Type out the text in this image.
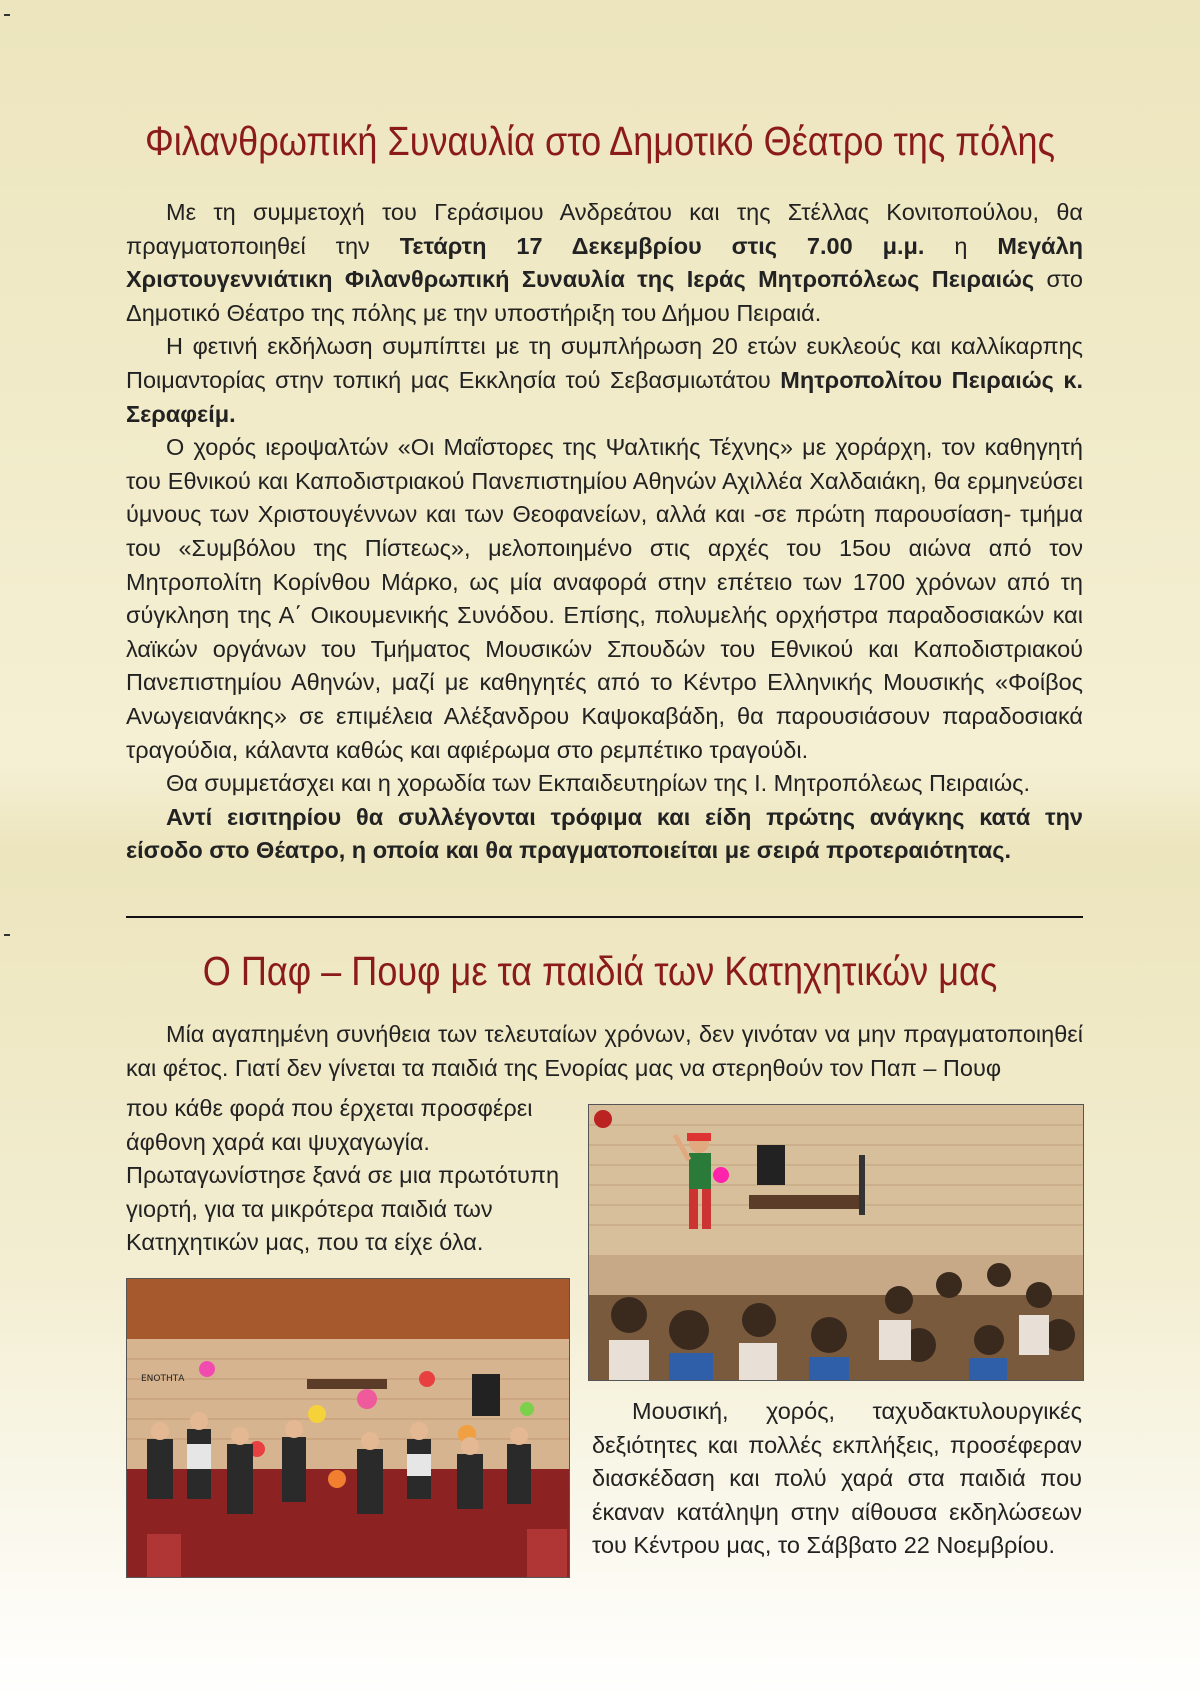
Φιλανθρωπική Συναυλία στο Δημοτικό Θέατρο της πόλης

Με τη συμμετοχή του Γεράσιμου Ανδρεάτου και της Στέλλας Κονιτοπούλου, θα πραγματοποιηθεί την Τετάρτη 17 Δεκεμβρίου στις 7.00 μ.μ. η Μεγάλη Χριστουγεννιάτικη Φιλανθρωπική Συναυλία της Ιεράς Μητροπόλεως Πειραιώς στο Δημοτικό Θέατρο της πόλης με την υποστήριξη του Δήμου Πειραιά.

Η φετινή εκδήλωση συμπίπτει με τη συμπλήρωση 20 ετών ευκλεούς και καλλίκαρπης Ποιμαντορίας στην τοπική μας Εκκλησία τού Σεβασμιωτάτου Μητροπολίτου Πειραιώς κ. Σεραφείμ.

Ο χορός ιεροψαλτών «Οι Μαΐστορες της Ψαλτικής Τέχνης» με χοράρχη, τον καθηγητή του Εθνικού και Καποδιστριακού Πανεπιστημίου Αθηνών Αχιλλέα Χαλδαιάκη, θα ερμηνεύσει ύμνους των Χριστουγέννων και των Θεοφανείων, αλλά και -σε πρώτη παρουσίαση- τμήμα του «Συμβόλου της Πίστεως», μελοποιημένο στις αρχές του 15ου αιώνα από τον Μητροπολίτη Κορίνθου Μάρκο, ως μία αναφορά στην επέτειο των 1700 χρόνων από τη σύγκληση της Α΄ Οικουμενικής Συνόδου. Επίσης, πολυμελής ορχήστρα παραδοσιακών και λαϊκών οργάνων του Τμήματος Μουσικών Σπουδών του Εθνικού και Καποδιστριακού Πανεπιστημίου Αθηνών, μαζί με καθηγητές από το Κέντρο Ελληνικής Μουσικής «Φοίβος Ανωγειανάκης» σε επιμέλεια Αλέξανδρου Καψοκαβάδη, θα παρουσιάσουν παραδοσιακά τραγούδια, κάλαντα καθώς και αφιέρωμα στο ρεμπέτικο τραγούδι.

Θα συμμετάσχει και η χορωδία των Εκπαιδευτηρίων της Ι. Μητροπόλεως Πειραιώς.

Αντί εισιτηρίου θα συλλέγονται τρόφιμα και είδη πρώτης ανάγκης κατά την είσοδο στο Θέατρο, η οποία και θα πραγματοποιείται με σειρά προτεραιότητας.

Ο Παφ – Πουφ με τα παιδιά των Κατηχητικών μας

Μία αγαπημένη συνήθεια των τελευταίων χρόνων, δεν γινόταν να μην πραγματοποιηθεί και φέτος. Γιατί δεν γίνεται τα παιδιά της Ενορίας μας να στερηθούν τον Παπ – Πουφ

που κάθε φορά που έρχεται προσφέρει άφθονη χαρά και ψυχαγωγία. Πρωταγωνίστησε ξανά σε μια πρωτότυπη γιορτή, για τα μικρότερα παιδιά των Κατηχητικών μας, που τα είχε όλα.

Μουσική, χορός, ταχυδακτυλουργικές δεξιότητες και πολλές εκπλήξεις, προσέφεραν διασκέδαση και πολύ χαρά στα παιδιά που έκαναν κατάληψη στην αίθουσα εκδηλώσεων του Κέντρου μας, το Σάββατο 22 Νοεμβρίου.

ΕΝΟΤΗΤΑ
